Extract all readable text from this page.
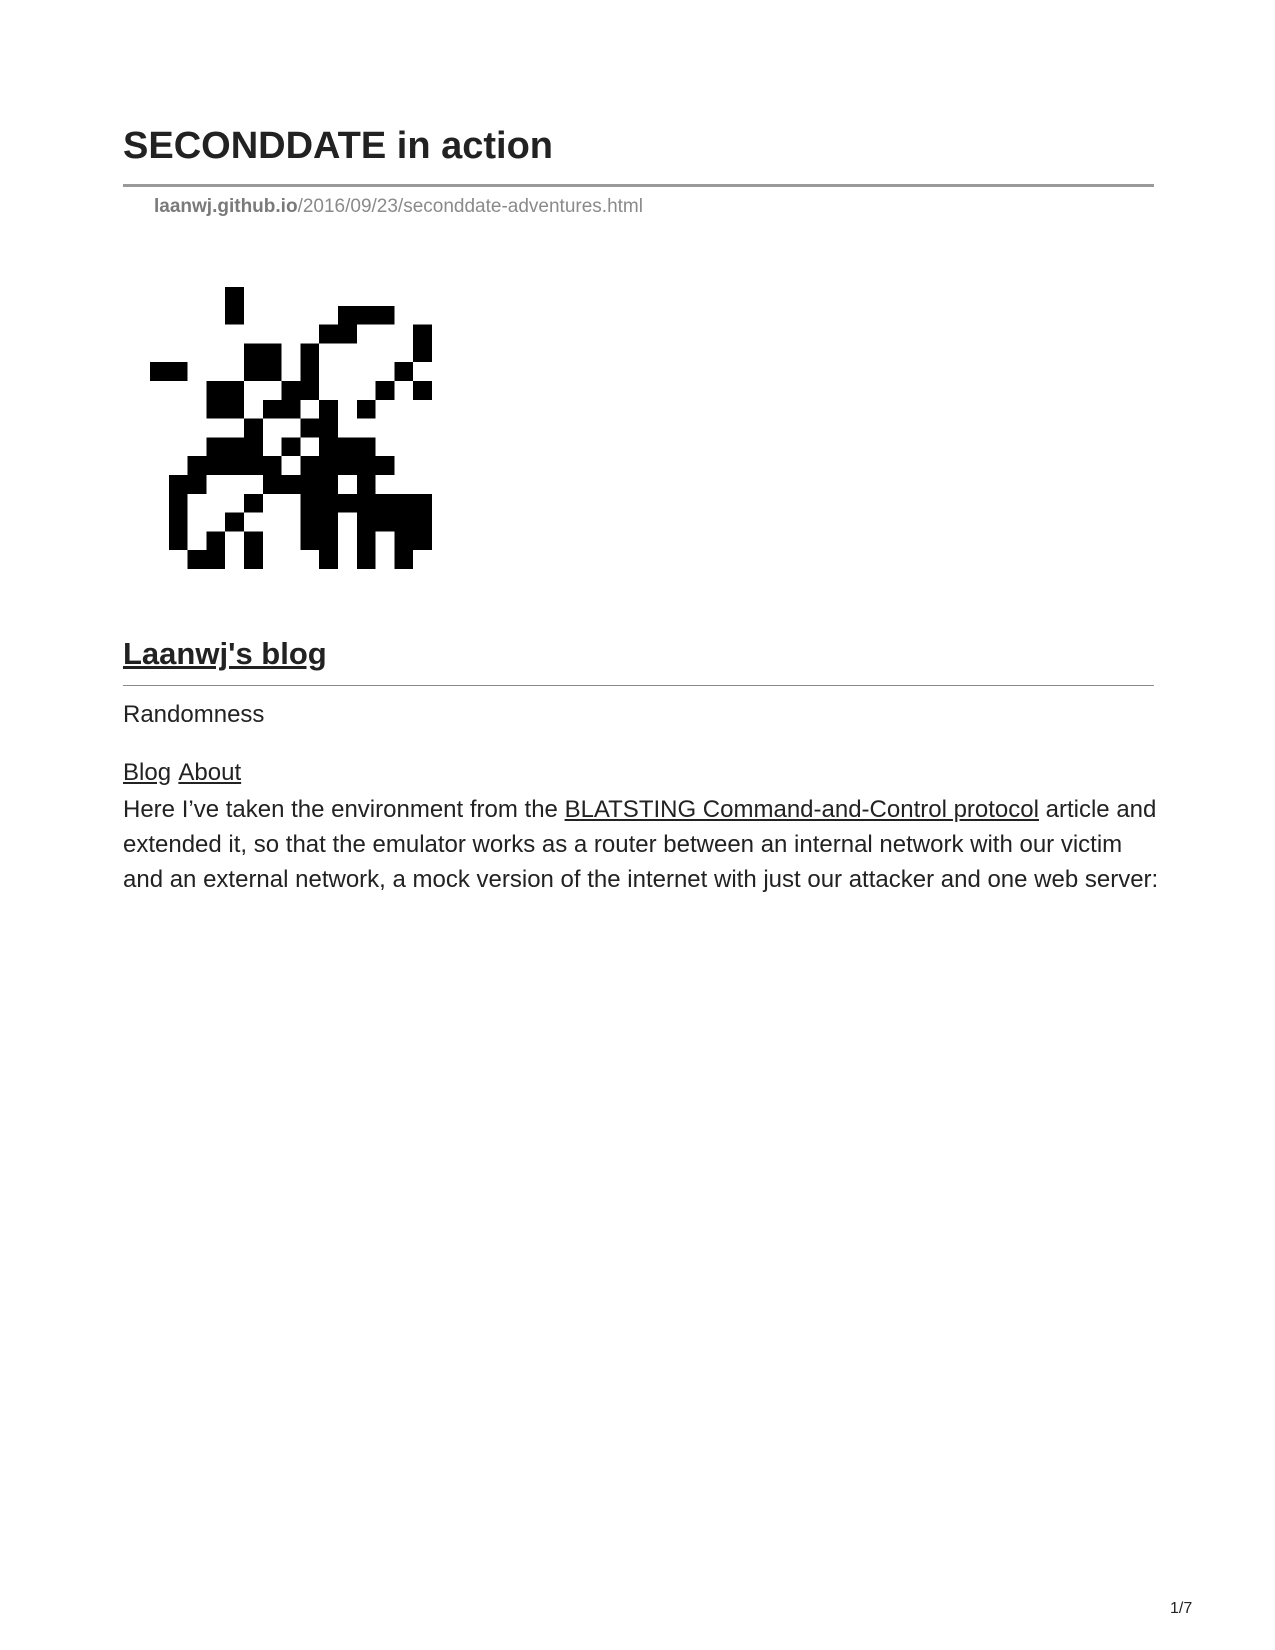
SECONDDATE in action
laanwj.github.io/2016/09/23/seconddate-adventures.html
Laanwj's blog
Randomness
Blog About

Here I’ve taken the environment from the BLATSTING Command-and-Control protocol article and extended it, so that the emulator works as a router between an internal network with our victim and an external network, a mock version of the internet with just our attacker and one web server:

1/7
